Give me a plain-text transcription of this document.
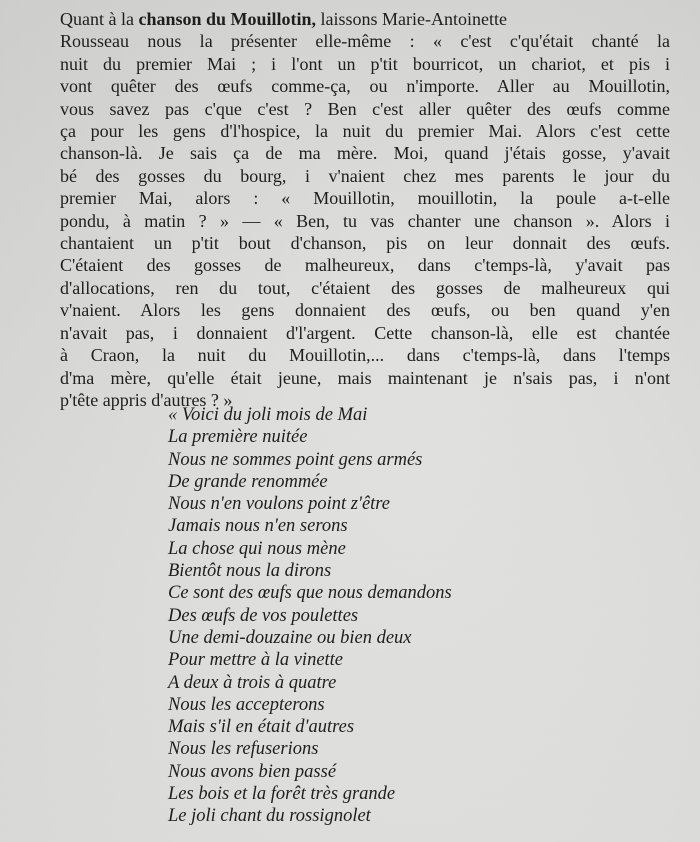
Quant à la chanson du Mouillotin, laissons Marie-Antoinette
Rousseau nous la présenter elle-même : « c'est c'qu'était chanté la
nuit du premier Mai ; i l'ont un p'tit bourricot, un chariot, et pis i
vont quêter des œufs comme-ça, ou n'importe. Aller au Mouillotin,
vous savez pas c'que c'est ? Ben c'est aller quêter des œufs comme
ça pour les gens d'l'hospice, la nuit du premier Mai. Alors c'est cette
chanson-là. Je sais ça de ma mère. Moi, quand j'étais gosse, y'avait
bé des gosses du bourg, i v'naient chez mes parents le jour du
premier Mai, alors : « Mouillotin, mouillotin, la poule a-t-elle
pondu, à matin ? » — « Ben, tu vas chanter une chanson ». Alors i
chantaient un p'tit bout d'chanson, pis on leur donnait des œufs.
C'étaient des gosses de malheureux, dans c'temps-là, y'avait pas
d'allocations, ren du tout, c'étaient des gosses de malheureux qui
v'naient. Alors les gens donnaient des œufs, ou ben quand y'en
n'avait pas, i donnaient d'l'argent. Cette chanson-là, elle est chantée
à Craon, la nuit du Mouillotin,... dans c'temps-là, dans l'temps
d'ma mère, qu'elle était jeune, mais maintenant je n'sais pas, i n'ont
p'tête appris d'autres ? »
« Voici du joli mois de Mai
La première nuitée
Nous ne sommes point gens armés
De grande renommée
Nous n'en voulons point z'être
Jamais nous n'en serons
La chose qui nous mène
Bientôt nous la dirons
Ce sont des œufs que nous demandons
Des œufs de vos poulettes
Une demi-douzaine ou bien deux
Pour mettre à la vinette
A deux à trois à quatre
Nous les accepterons
Mais s'il en était d'autres
Nous les refuserions
Nous avons bien passé
Les bois et la forêt très grande
Le joli chant du rossignolet
